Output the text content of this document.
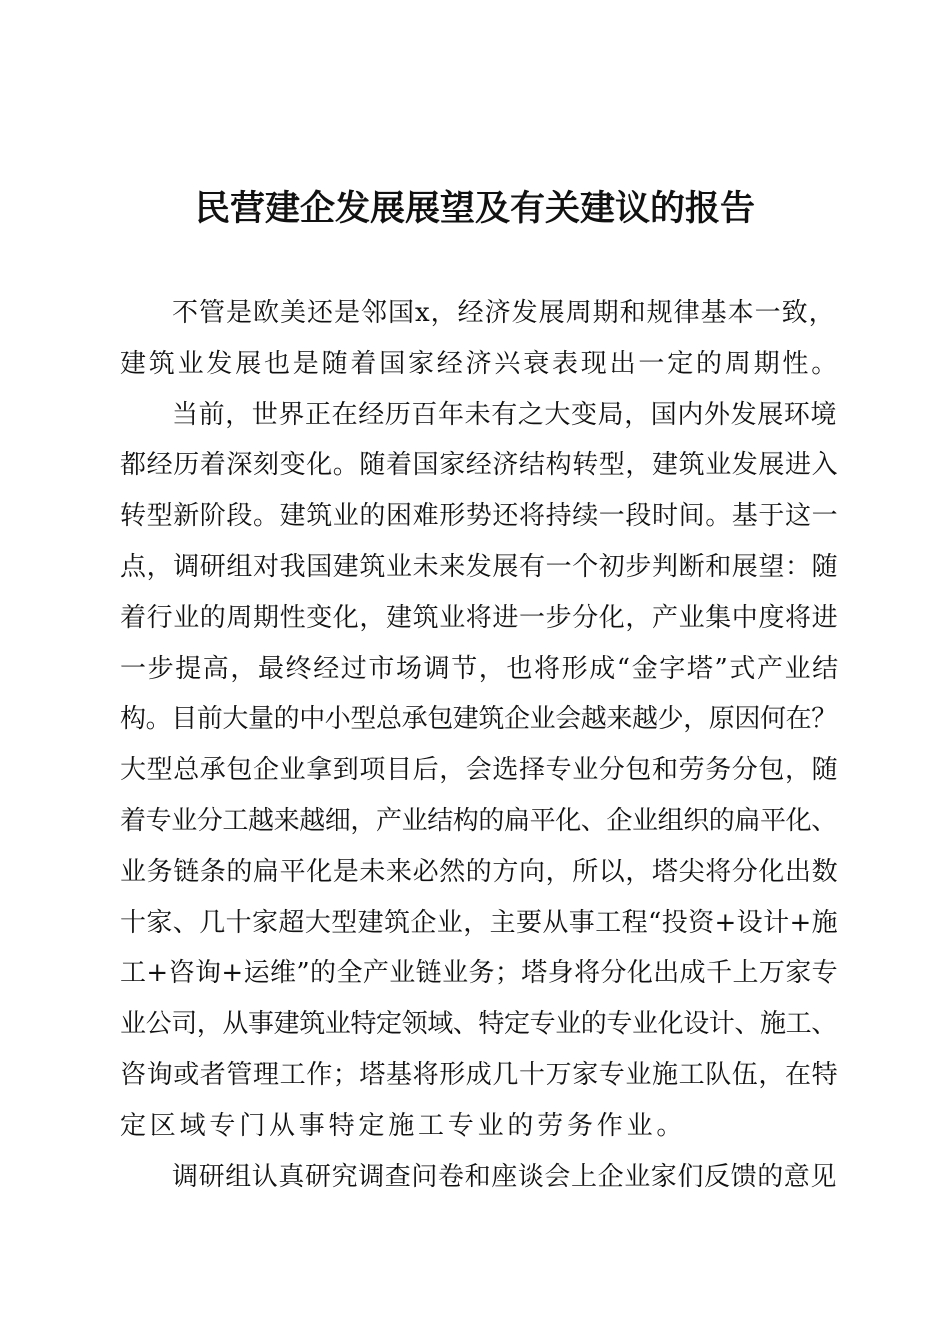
民营建企发展展望及有关建议的报告
不管是欧美还是邻国x，经济发展周期和规律基本一致，
建筑业发展也是随着国家经济兴衰表现出一定的周期性。
当前，世界正在经历百年未有之大变局，国内外发展环境
都经历着深刻变化。随着国家经济结构转型，建筑业发展进入
转型新阶段。建筑业的困难形势还将持续一段时间。基于这一
点，调研组对我国建筑业未来发展有一个初步判断和展望：随
着行业的周期性变化，建筑业将进一步分化，产业集中度将进
一步提高，最终经过市场调节，也将形成“金字塔”式产业结
构。目前大量的中小型总承包建筑企业会越来越少，原因何在？
大型总承包企业拿到项目后，会选择专业分包和劳务分包，随
着专业分工越来越细，产业结构的扁平化、企业组织的扁平化、
业务链条的扁平化是未来必然的方向，所以，塔尖将分化出数
十家、几十家超大型建筑企业，主要从事工程“投资+设计+施
工+咨询+运维”的全产业链业务；塔身将分化出成千上万家专
业公司，从事建筑业特定领域、特定专业的专业化设计、施工、
咨询或者管理工作；塔基将形成几十万家专业施工队伍，在特
定区域专门从事特定施工专业的劳务作业。
调研组认真研究调查问卷和座谈会上企业家们反馈的意见
